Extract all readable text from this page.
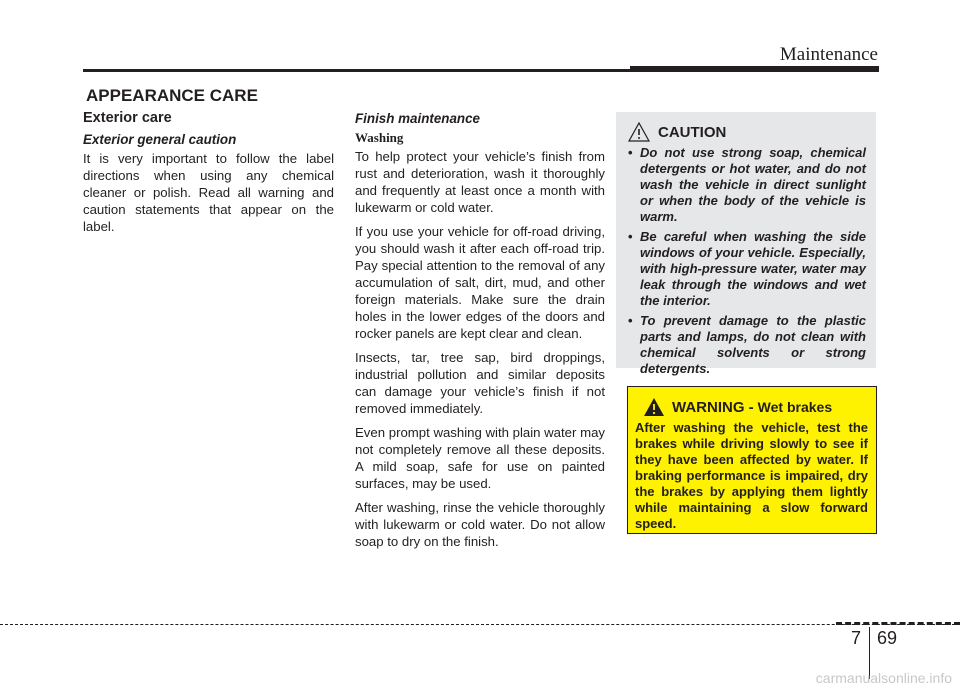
Maintenance
APPEARANCE CARE
Exterior care
Exterior general caution

It is very important to follow the label directions when using any chemical cleaner or polish. Read all warning and caution statements that appear on the label.

Finish maintenance
Washing

To help protect your vehicle’s finish from rust and deterioration, wash it thoroughly and frequently at least once a month with lukewarm or cold water.

If you use your vehicle for off-road driving, you should wash it after each off-road trip. Pay special attention to the removal of any accumulation of salt, dirt, mud, and other foreign materials. Make sure the drain holes in the lower edges of the doors and rocker panels are kept clear and clean.

Insects, tar, tree sap, bird droppings, industrial pollution and similar deposits can damage your vehicle’s finish if not removed immediately.

Even prompt washing with plain water may not completely remove all these deposits. A mild soap, safe for use on painted surfaces, may be used.

After washing, rinse the vehicle thoroughly with lukewarm or cold water. Do not allow soap to dry on the finish.

CAUTION
• Do not use strong soap, chemical detergents or hot water, and do not wash the vehicle in direct sunlight or when the body of the vehicle is warm.
• Be careful when washing the side windows of your vehicle. Especially, with high-pressure water, water may leak through the windows and wet the interior.
• To prevent damage to the plastic parts and lamps, do not clean with chemical solvents or strong detergents.
WARNING - Wet brakes

After washing the vehicle, test the brakes while driving slowly to see if they have been affected by water. If braking performance is impaired, dry the brakes by applying them lightly while maintaining a slow forward speed.

7 69
carmanualsonline.info
